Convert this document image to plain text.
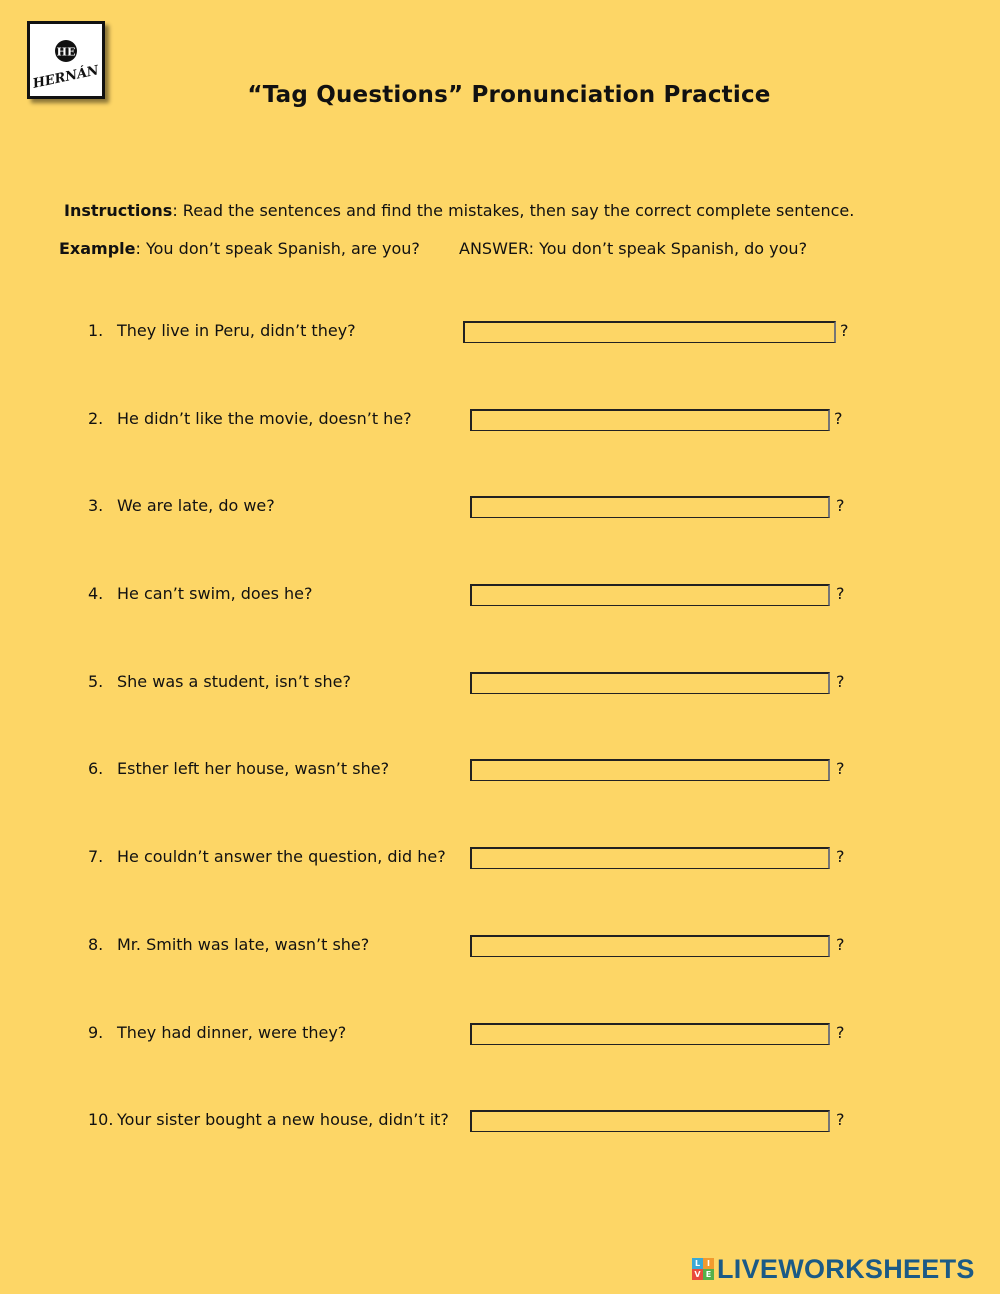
HE
HERNÁN
“Tag Questions” Pronunciation Practice
Instructions: Read the sentences and find the mistakes, then say the correct complete sentence.
Example: You don’t speak Spanish, are you? ANSWER: You don’t speak Spanish, do you?
1. They live in Peru, didn’t they?	?
2. He didn’t like the movie, doesn’t he?	?
3. We are late, do we?	?
4. He can’t swim, does he?	?
5. She was a student, isn’t she?	?
6. Esther left her house, wasn’t she?	?
7. He couldn’t answer the question, did he?	?
8. Mr. Smith was late, wasn’t she?	?
9. They had dinner, were they?	?
10. Your sister bought a new house, didn’t it?	?
L I
V E LIVEWORKSHEETS
